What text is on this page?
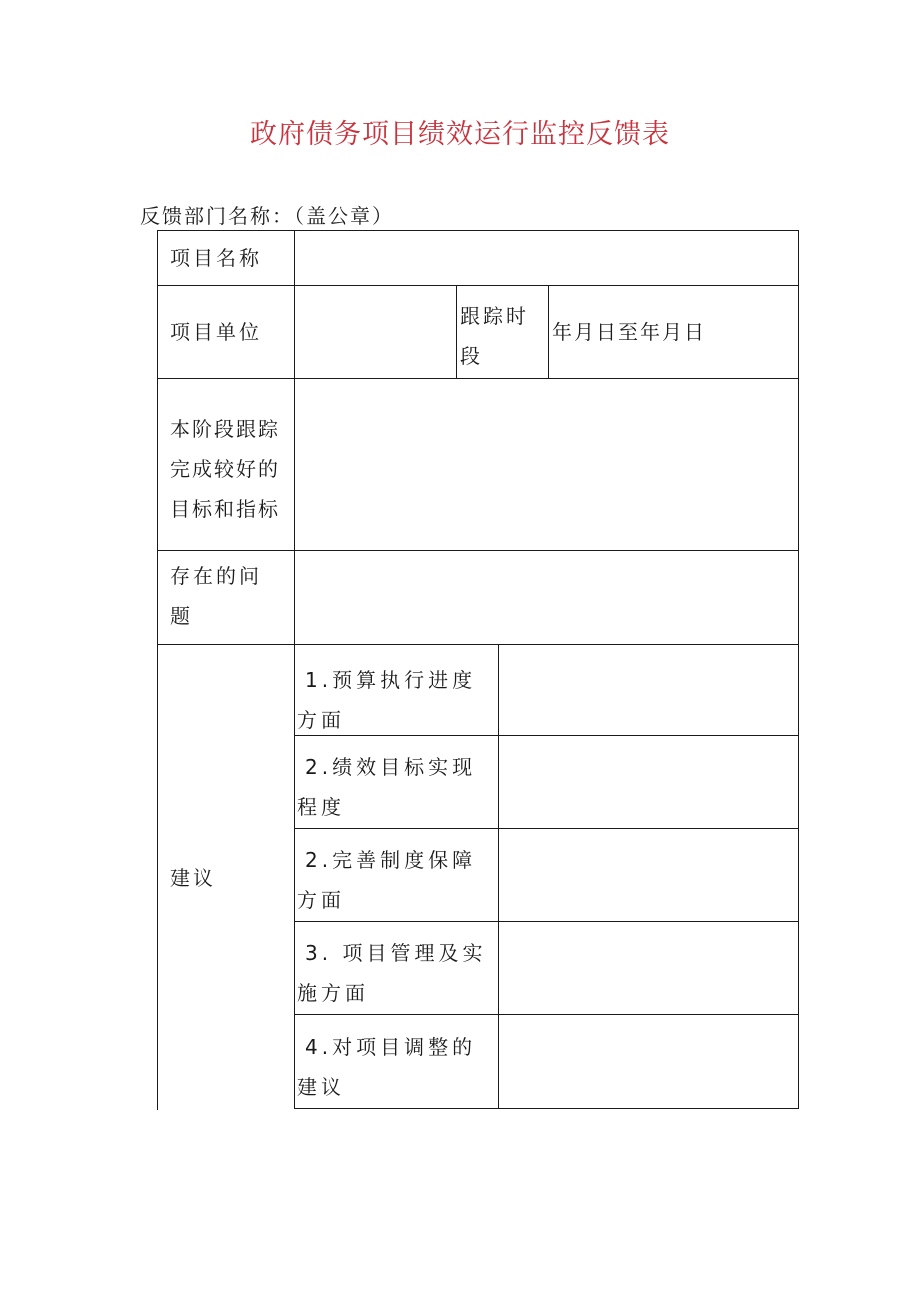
政府债务项目绩效运行监控反馈表
反馈部门名称：（盖公章）
项目名称
项目单位
跟踪时段
年月日至年月日
本阶段跟踪完成较好的目标和指标
存在的问题
建议
1.预算执行进度方面
2.绩效目标实现程度
2.完善制度保障方面
3. 项目管理及实施方面
4.对项目调整的建议
